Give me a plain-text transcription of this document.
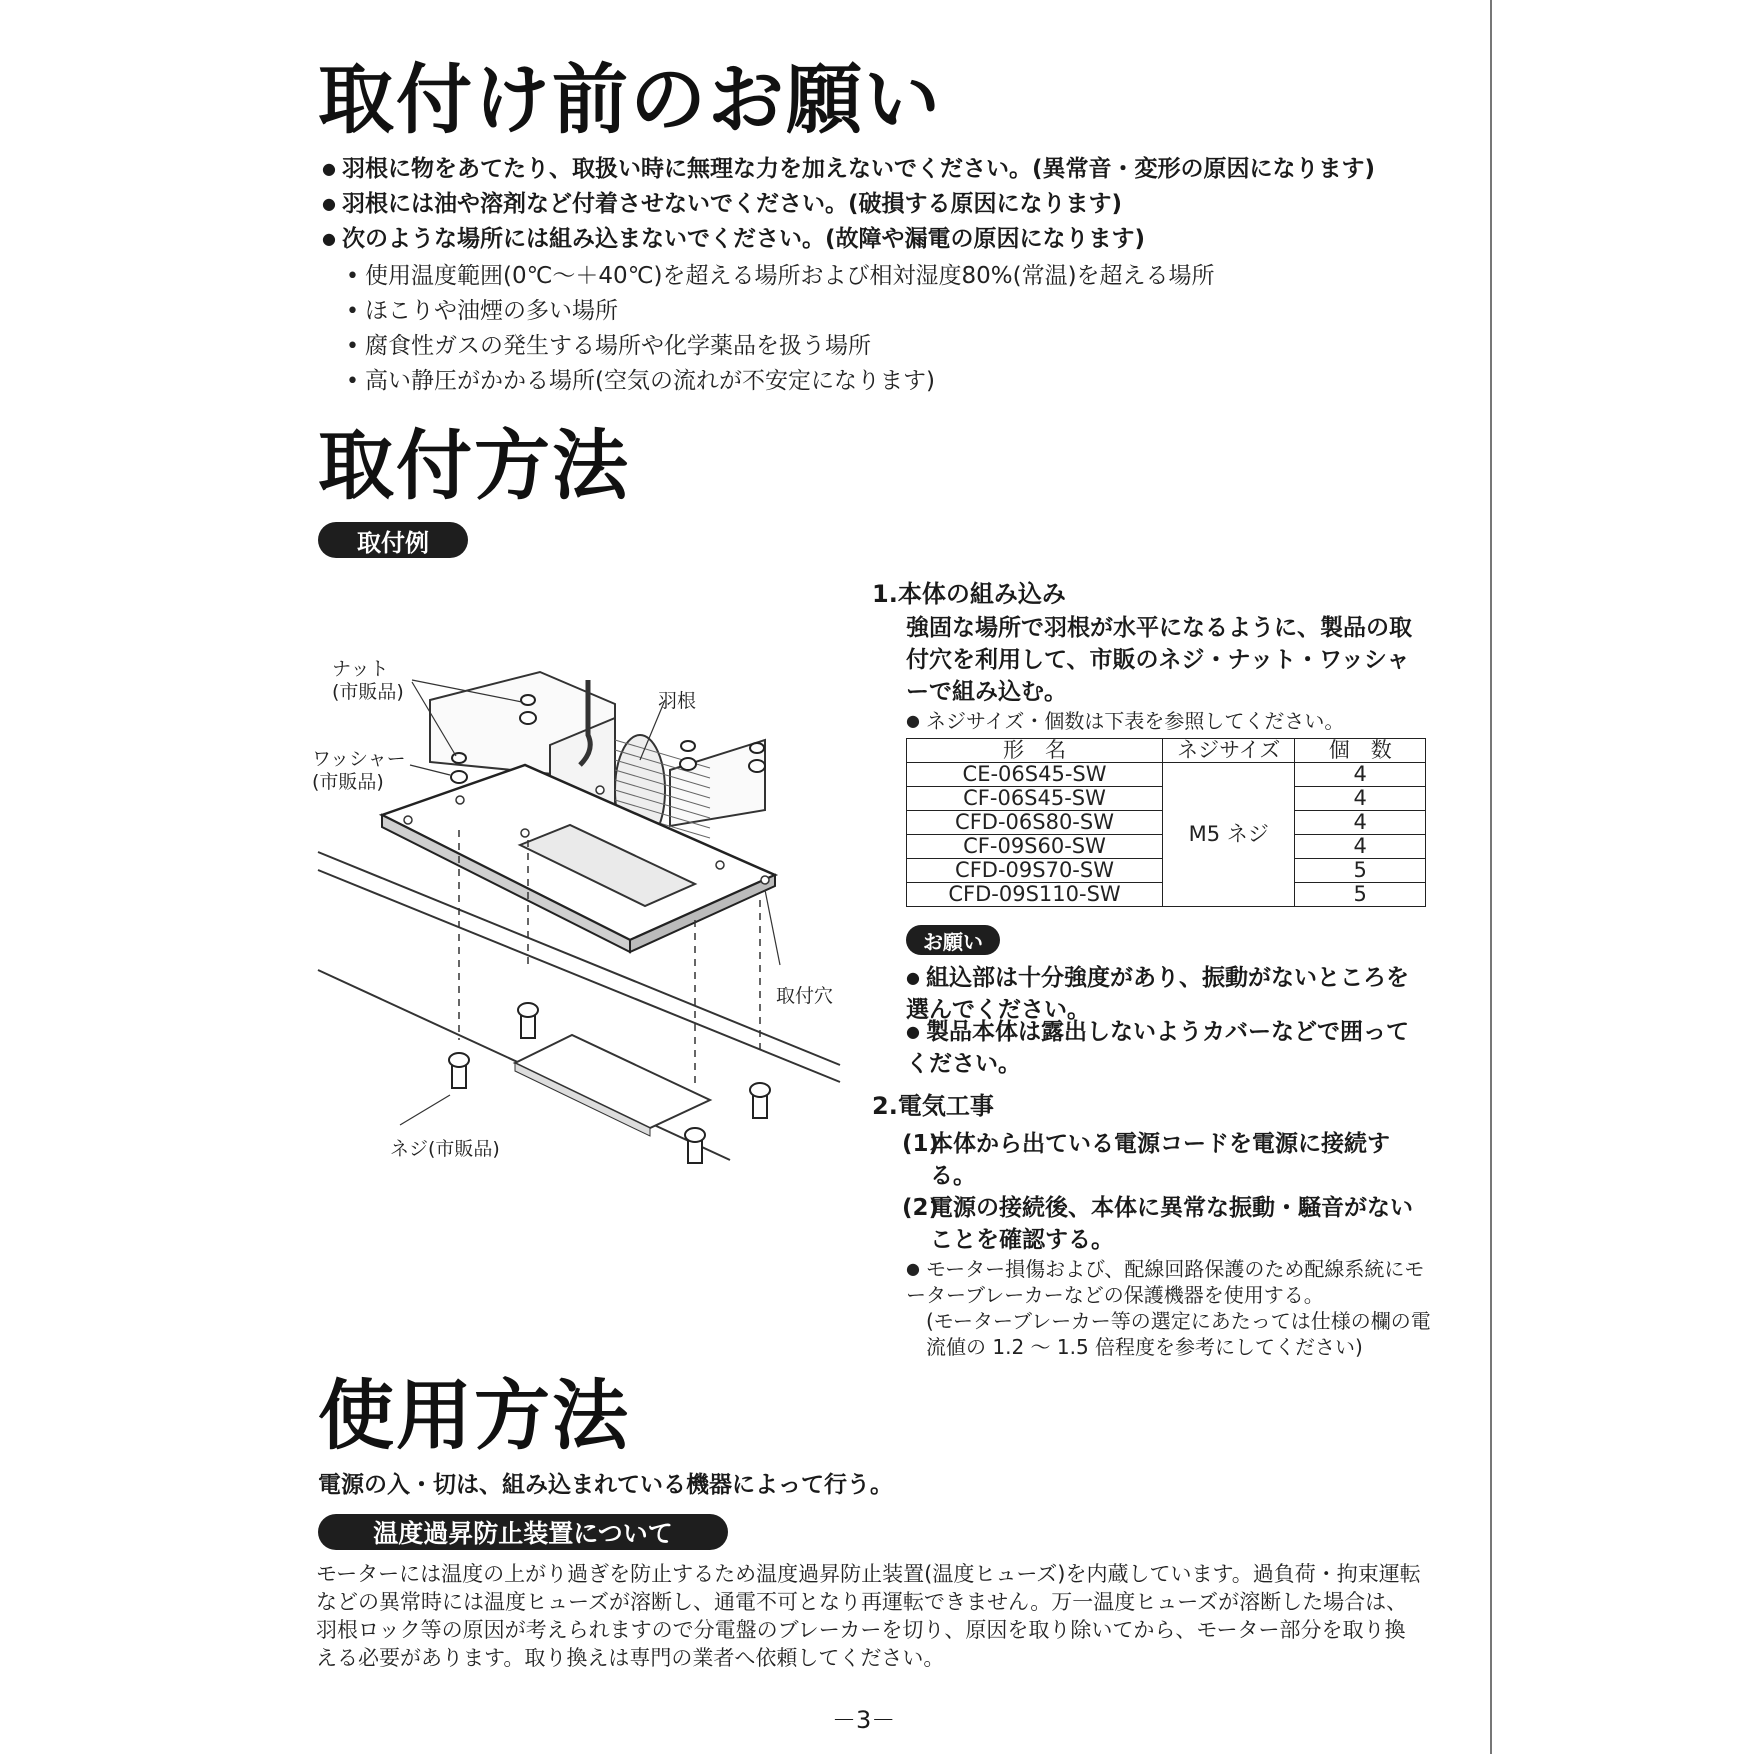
取付け前のお願い
● 羽根に物をあてたり、取扱い時に無理な力を加えないでください。(異常音・変形の原因になります)
● 羽根には油や溶剤など付着させないでください。(破損する原因になります)
● 次のような場所には組み込まないでください。(故障や漏電の原因になります)
• 使用温度範囲(0℃〜＋40℃)を超える場所および相対湿度80%(常温)を超える場所
• ほこりや油煙の多い場所
• 腐食性ガスの発生する場所や化学薬品を扱う場所
• 高い静圧がかかる場所(空気の流れが不安定になります)
取付方法
取付例
ナット
(市販品)
ワッシャー
(市販品)
羽根
取付穴
ネジ(市販品)
1.本体の組み込み
強固な場所で羽根が水平になるように、製品の取付穴を利用して、市販のネジ・ナット・ワッシャーで組み込む。
● ネジサイズ・個数は下表を参照してください。
形　名	ネジサイズ	個　数
CE-06S45-SW	M5 ネジ	4
CF-06S45-SW		4
CFD-06S80-SW		4
CF-09S60-SW		4
CFD-09S70-SW		5
CFD-09S110-SW		5
お願い
● 組込部は十分強度があり、振動がないところを選んでください。
● 製品本体は露出しないようカバーなどで囲ってください。
2.電気工事
(1)
本体から出ている電源コードを電源に接続する。
(2)
電源の接続後、本体に異常な振動・騒音がないことを確認する。
● モーター損傷および、配線回路保護のため配線系統にモーターブレーカーなどの保護機器を使用する。
(モーターブレーカー等の選定にあたっては仕様の欄の電流値の 1.2 〜 1.5 倍程度を参考にしてください)
使用方法
電源の入・切は、組み込まれている機器によって行う。
温度過昇防止装置について
モーターには温度の上がり過ぎを防止するため温度過昇防止装置(温度ヒューズ)を内蔵しています。過負荷・拘束運転などの異常時には温度ヒューズが溶断し、通電不可となり再運転できません。万一温度ヒューズが溶断した場合は、羽根ロック等の原因が考えられますので分電盤のブレーカーを切り、原因を取り除いてから、モーター部分を取り換える必要があります。取り換えは専門の業者へ依頼してください。
－3－
